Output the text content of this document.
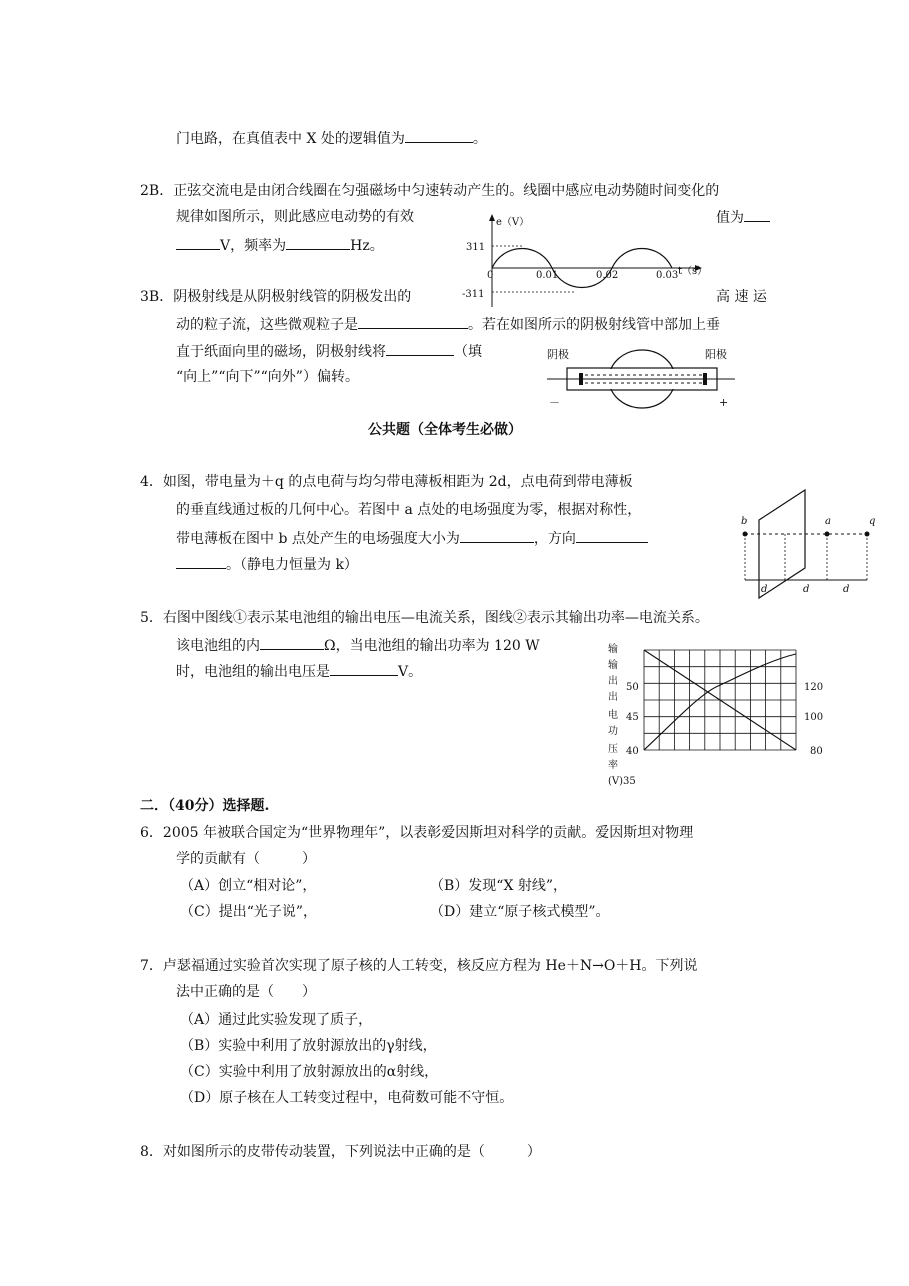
门电路，在真值表中 X 处的逻辑值为	。
2B．正弦交流电是由闭合线圈在匀强磁场中匀速转动产生的。线圈中感应电动势随时间变化的
规律如图所示，则此感应电动势的有效	值为
V，频率为	Hz。
e（V）
t（s）
311
-311
0	0.01	0.02	0.03
3B．阴极射线是从阴极射线管的阴极发出的	高 速 运
动的粒子流，这些微观粒子是	。若在如图所示的阴极射线管中部加上垂
直于纸面向里的磁场，阴极射线将	（填
“向上”“向下”“向外”）偏转。
阴极	阳极
－	+
公共题（全体考生必做）
4．如图，带电量为＋q 的点电荷与均匀带电薄板相距为 2d，点电荷到带电薄板
的垂直线通过板的几何中心。若图中 a 点处的电场强度为零，根据对称性，
带电薄板在图中 b 点处产生的电场强度大小为	，方向
。（静电力恒量为 k）
b	a	q
d	d	d
5．右图中图线①表示某电池组的输出电压—电流关系，图线②表示其输出功率—电流关系。
该电池组的内	Ω，当电池组的输出功率为 120 W
时，电池组的输出电压是	V。
输
输
出
出
电
功
压
率
(V)35
50
45
40
120
100
80
二．（40分）选择题.
6．2005 年被联合国定为“世界物理年”，以表彰爱因斯坦对科学的贡献。爱因斯坦对物理
学的贡献有（　　　）
（A）创立“相对论”，	（B）发现“X 射线”，
（C）提出“光子说”，	（D）建立“原子核式模型”。
7．卢瑟福通过实验首次实现了原子核的人工转变，核反应方程为 He＋N→O＋H。下列说
法中正确的是（　　）
（A）通过此实验发现了质子，
（B）实验中利用了放射源放出的γ射线，
（C）实验中利用了放射源放出的α射线，
（D）原子核在人工转变过程中，电荷数可能不守恒。
8．对如图所示的皮带传动装置，下列说法中正确的是（　　　）
